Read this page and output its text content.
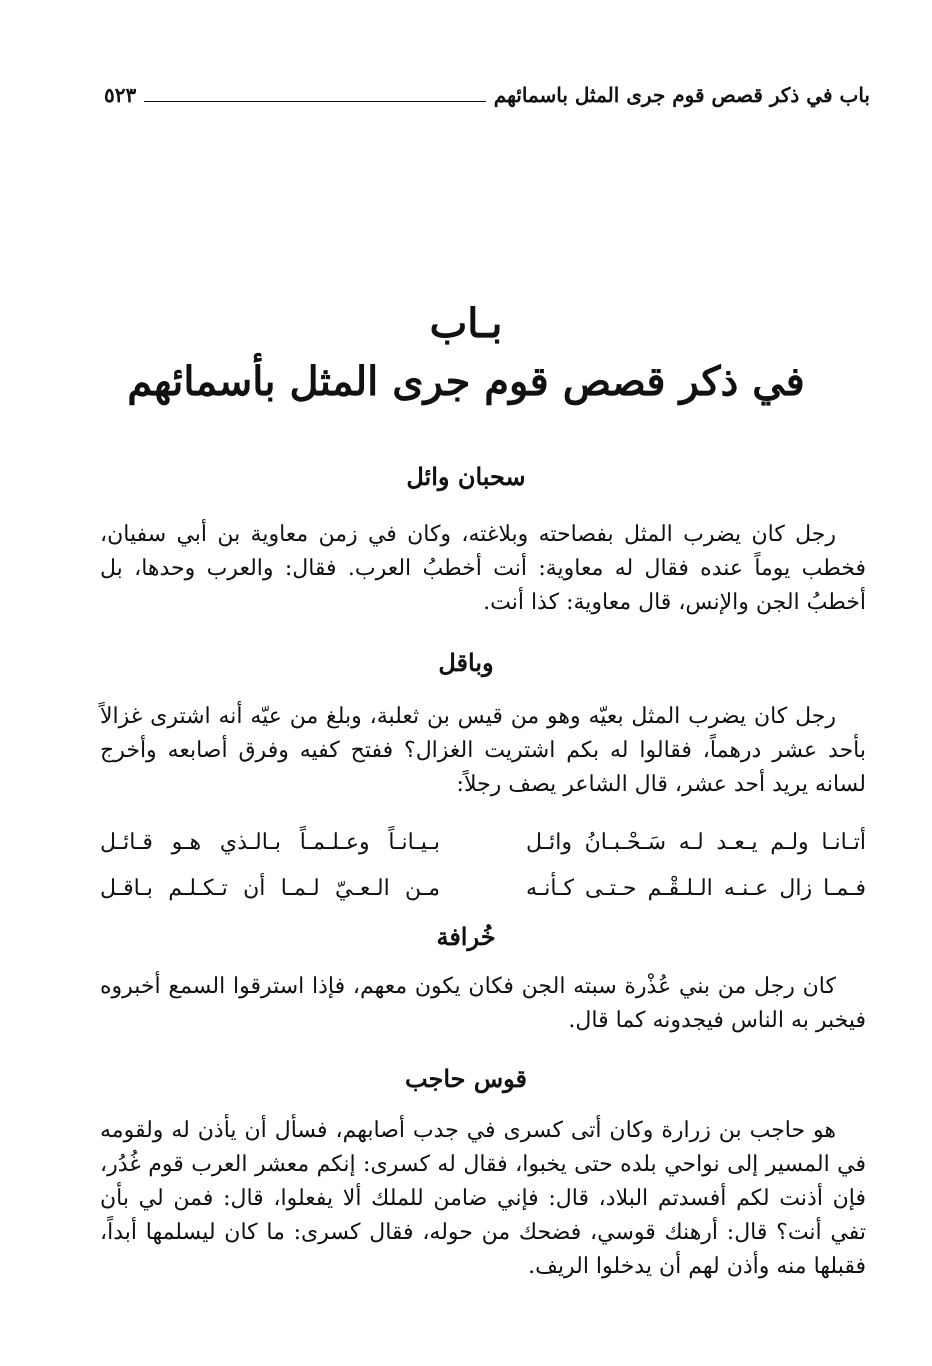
باب في ذكر قصص قوم جرى المثل باسمائهم
٥٢٣
بـاب
في ذكر قصص قوم جرى المثل بأسمائهم
سحبان وائل

رجل كان يضرب المثل بفصاحته وبلاغته، وكان في زمن معاوية بن أبي سفيان، فخطب يوماً عنده فقال له معاوية: أنت أخطبُ العرب. فقال: والعرب وحدها، بل أخطبُ الجن والإنس، قال معاوية: كذا أنت.

وباقل

رجل كان يضرب المثل بعيّه وهو من قيس بن ثعلبة، وبلغ من عيّه أنه اشترى غزالاً بأحد عشر درهماً، فقالوا له بكم اشتريت الغزال؟ ففتح كفيه وفرق أصابعه وأخرج لسانه يريد أحد عشر، قال الشاعر يصف رجلاً:

أتـانـا ولـم يـعـد لـه سَـحْـبـانُ وائـل
بـيـانـاً وعـلـمـاً بـالـذي هـو قـائـل
فـمـا زال عـنـه الـلـقْـم حـتـى كـأنـه
مـن الـعـيّ لـمـا أن تـكـلـم بـاقـل
خُرافة

كان رجل من بني عُذْرة سبته الجن فكان يكون معهم، فإذا استرقوا السمع أخبروه فيخبر به الناس فيجدونه كما قال.

قوس حاجب

هو حاجب بن زرارة وكان أتى كسرى في جدب أصابهم، فسأل أن يأذن له ولقومه في المسير إلى نواحي بلده حتى يخبوا، فقال له كسرى: إنكم معشر العرب قوم غُدُر، فإن أذنت لكم أفسدتم البلاد، قال: فإني ضامن للملك ألا يفعلوا، قال: فمن لي بأن تفي أنت؟ قال: أرهنك قوسي، فضحك من حوله، فقال كسرى: ما كان ليسلمها أبداً، فقبلها منه وأذن لهم أن يدخلوا الريف.
